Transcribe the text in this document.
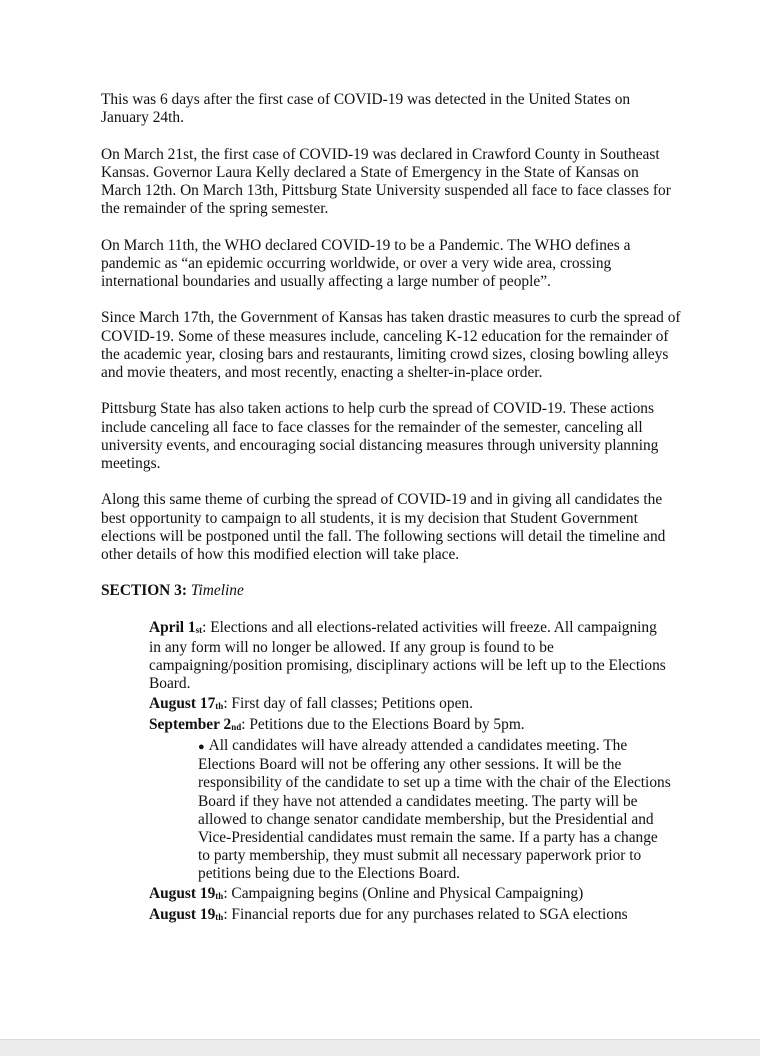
This was 6 days after the first case of COVID-19 was detected in the United States on January 24th.

On March 21st, the first case of COVID-19 was declared in Crawford County in Southeast Kansas. Governor Laura Kelly declared a State of Emergency in the State of Kansas on March 12th. On March 13th, Pittsburg State University suspended all face to face classes for the remainder of the spring semester.

On March 11th, the WHO declared COVID-19 to be a Pandemic. The WHO defines a pandemic as “an epidemic occurring worldwide, or over a very wide area, crossing international boundaries and usually affecting a large number of people”.

Since March 17th, the Government of Kansas has taken drastic measures to curb the spread of COVID-19. Some of these measures include, canceling K-12 education for the remainder of the academic year, closing bars and restaurants, limiting crowd sizes, closing bowling alleys and movie theaters, and most recently, enacting a shelter-in-place order.

Pittsburg State has also taken actions to help curb the spread of COVID-19. These actions include canceling all face to face classes for the remainder of the semester, canceling all university events, and encouraging social distancing measures through university planning meetings.

Along this same theme of curbing the spread of COVID-19 and in giving all candidates the best opportunity to campaign to all students, it is my decision that Student Government elections will be postponed until the fall. The following sections will detail the timeline and other details of how this modified election will take place.

SECTION 3: Timeline

April 1st: Elections and all elections-related activities will freeze. All campaigning in any form will no longer be allowed. If any group is found to be campaigning/position promising, disciplinary actions will be left up to the Elections Board.

August 17th: First day of fall classes; Petitions open.

September 2nd: Petitions due to the Elections Board by 5pm.

● All candidates will have already attended a candidates meeting. The Elections Board will not be offering any other sessions. It will be the responsibility of the candidate to set up a time with the chair of the Elections Board if they have not attended a candidates meeting. The party will be allowed to change senator candidate membership, but the Presidential and Vice-Presidential candidates must remain the same. If a party has a change to party membership, they must submit all necessary paperwork prior to petitions being due to the Elections Board.

August 19th: Campaigning begins (Online and Physical Campaigning)

August 19th: Financial reports due for any purchases related to SGA elections
